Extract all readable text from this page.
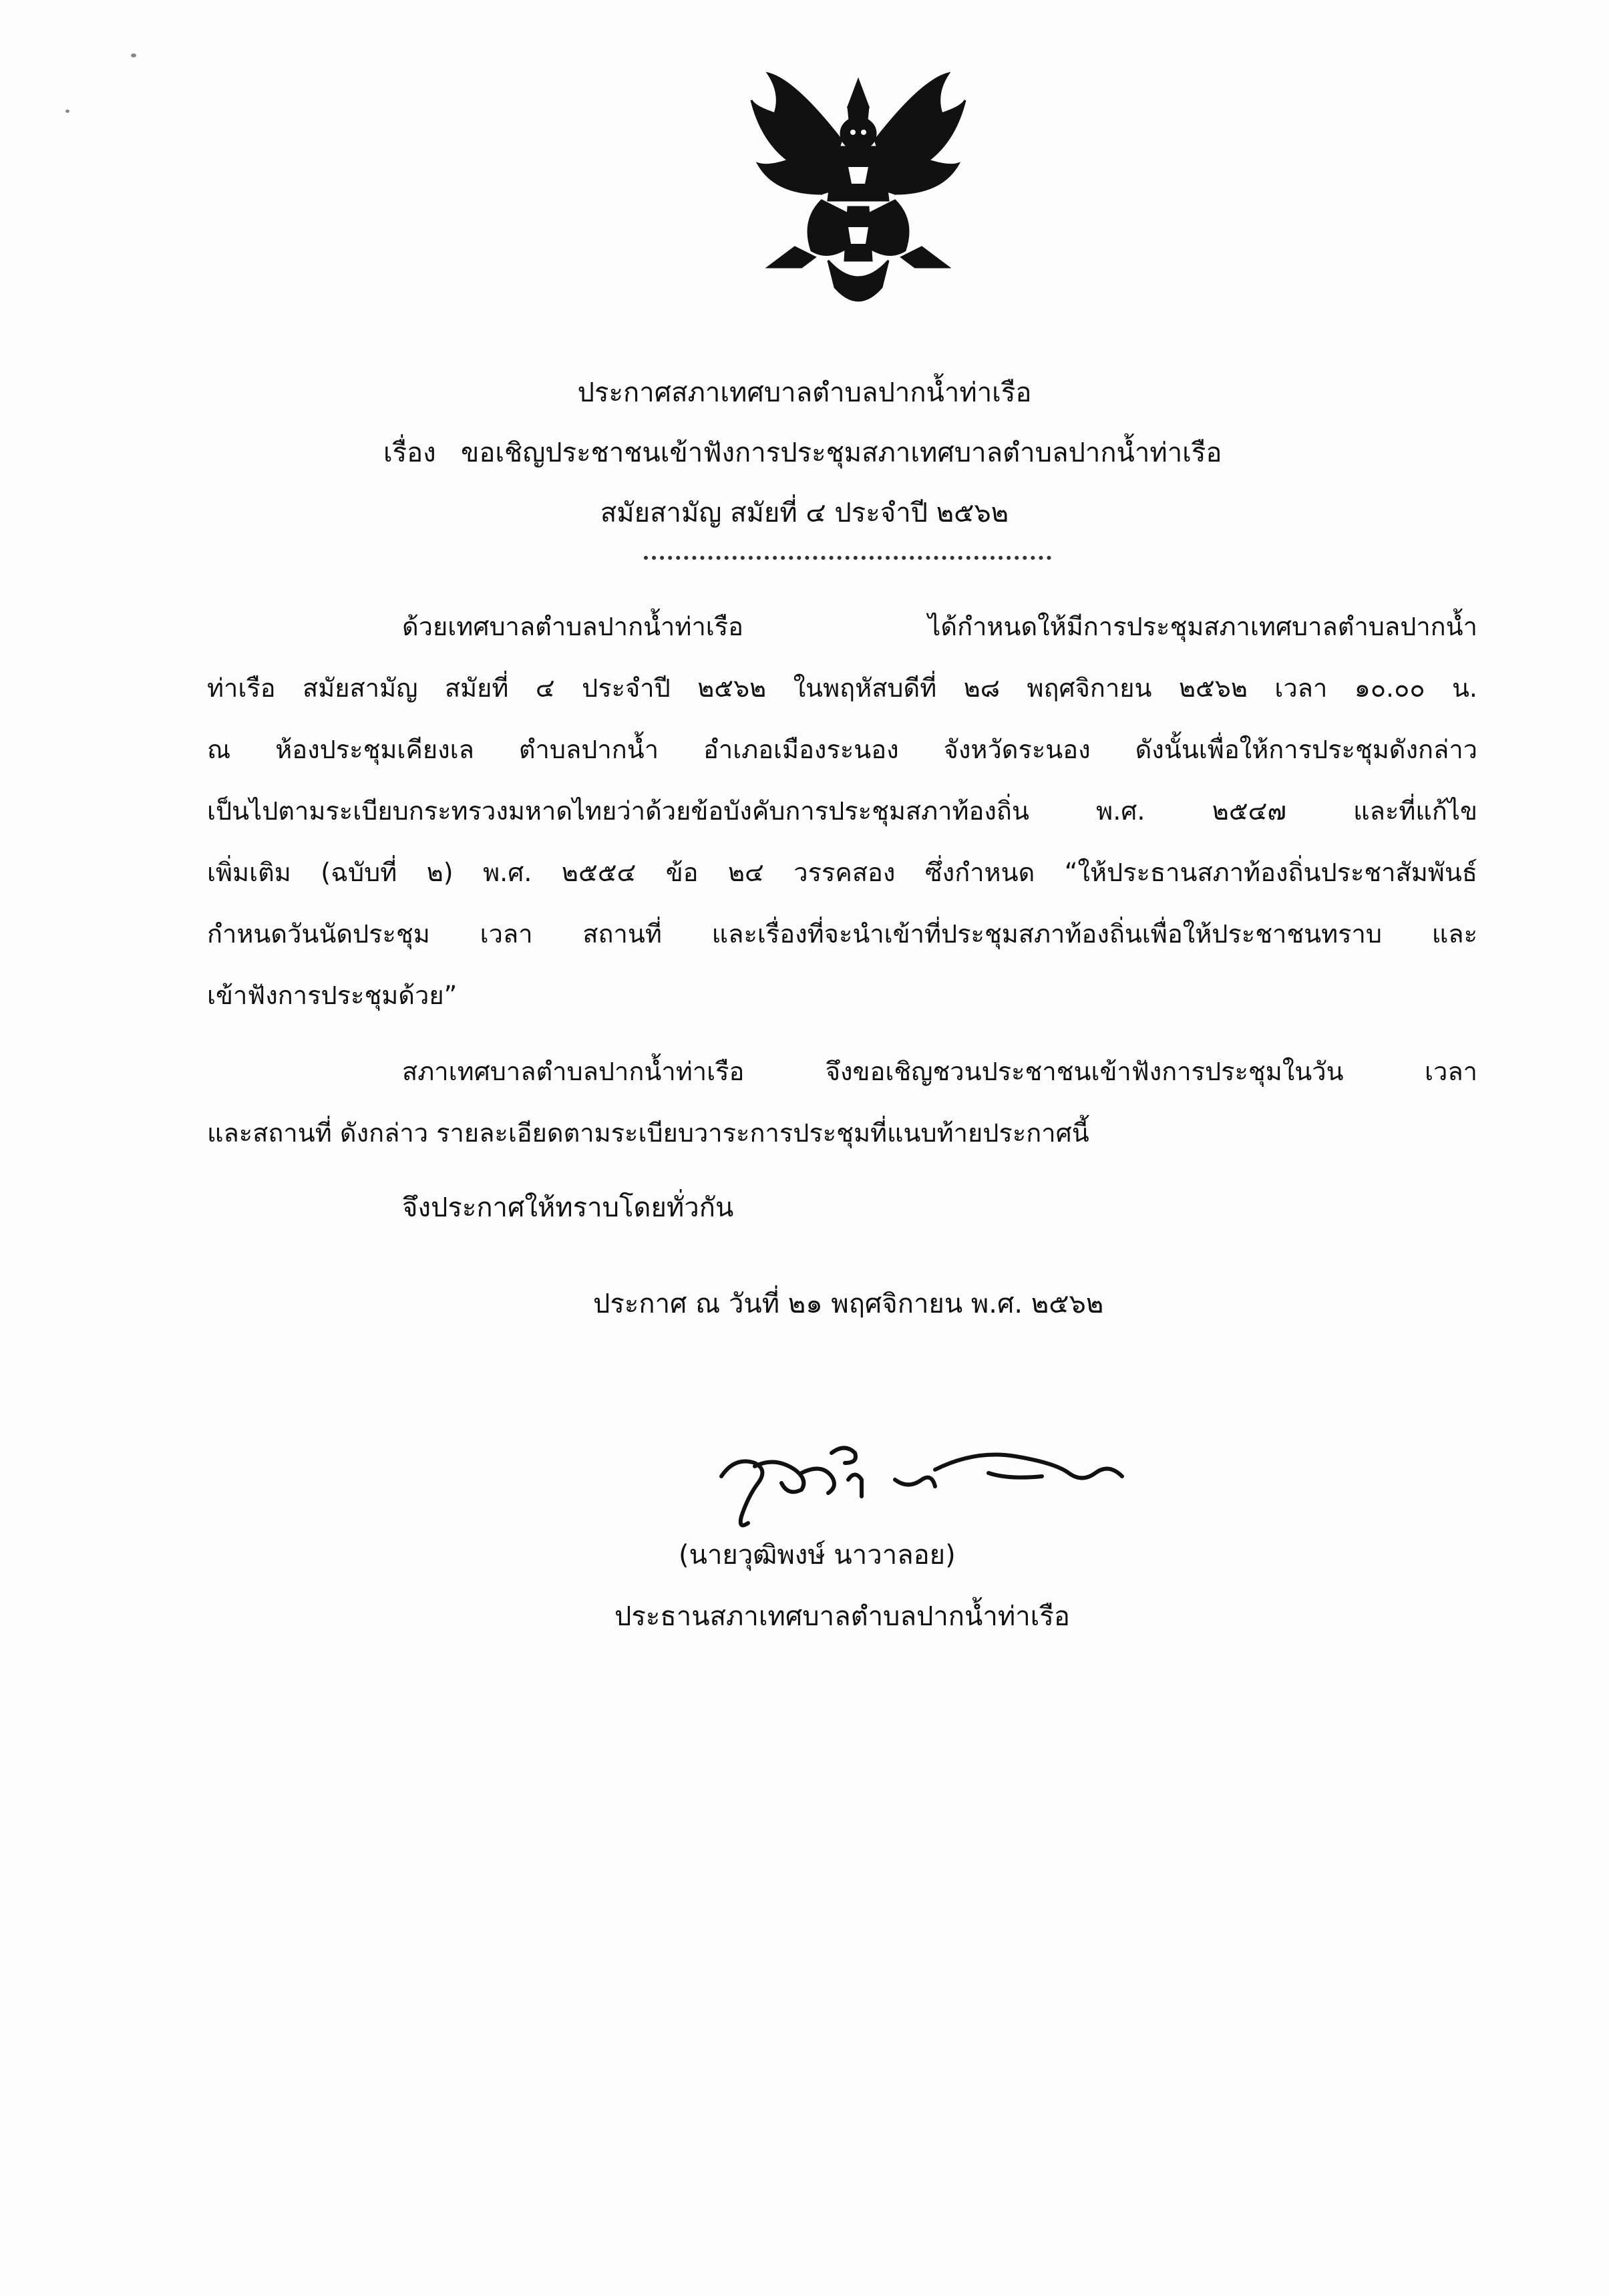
ประกาศสภาเทศบาลตำบลปากน้ำท่าเรือ
เรื่อง ขอเชิญประชาชนเข้าฟังการประชุมสภาเทศบาลตำบลปากน้ำท่าเรือ
สมัยสามัญ สมัยที่ ๔ ประจำปี ๒๕๖๒
ด้วยเทศบาลตำบลปากน้ำท่าเรือ ได้กำหนดให้มีการประชุมสภาเทศบาลตำบลปากน้ำ
ท่าเรือ สมัยสามัญ สมัยที่ ๔ ประจำปี ๒๕๖๒ ในพฤหัสบดีที่ ๒๘ พฤศจิกายน ๒๕๖๒ เวลา ๑๐.๐๐ น.
ณ ห้องประชุมเคียงเล ตำบลปากน้ำ อำเภอเมืองระนอง จังหวัดระนอง ดังนั้นเพื่อให้การประชุมดังกล่าว
เป็นไปตามระเบียบกระทรวงมหาดไทยว่าด้วยข้อบังคับการประชุมสภาท้องถิ่น พ.ศ. ๒๕๔๗ และที่แก้ไข
เพิ่มเติม (ฉบับที่ ๒) พ.ศ. ๒๕๕๔ ข้อ ๒๔ วรรคสอง ซึ่งกำหนด “ให้ประธานสภาท้องถิ่นประชาสัมพันธ์
กำหนดวันนัดประชุม เวลา สถานที่ และเรื่องที่จะนำเข้าที่ประชุมสภาท้องถิ่นเพื่อให้ประชาชนทราบ และ
เข้าฟังการประชุมด้วย”
สภาเทศบาลตำบลปากน้ำท่าเรือ จึงขอเชิญชวนประชาชนเข้าฟังการประชุมในวัน เวลา
และสถานที่ ดังกล่าว รายละเอียดตามระเบียบวาระการประชุมที่แนบท้ายประกาศนี้
จึงประกาศให้ทราบโดยทั่วกัน
ประกาศ ณ วันที่ ๒๑ พฤศจิกายน พ.ศ. ๒๕๖๒
(นายวุฒิพงษ์ นาวาลอย)
ประธานสภาเทศบาลตำบลปากน้ำท่าเรือ
